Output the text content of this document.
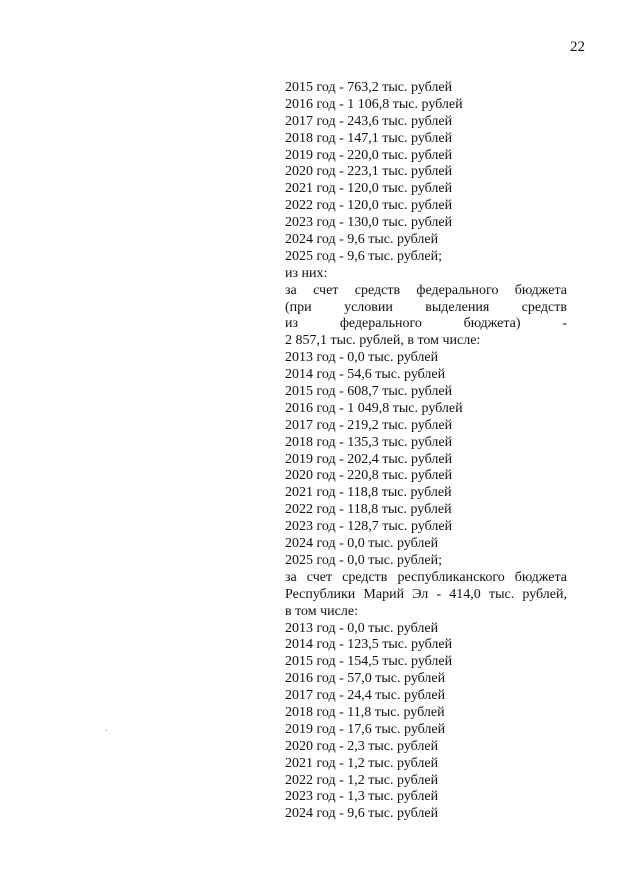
22
2015 год - 763,2 тыс. рублей
2016 год - 1 106,8 тыс. рублей
2017 год - 243,6 тыс. рублей
2018 год - 147,1 тыс. рублей
2019 год - 220,0 тыс. рублей
2020 год - 223,1 тыс. рублей
2021 год - 120,0 тыс. рублей
2022 год - 120,0 тыс. рублей
2023 год - 130,0 тыс. рублей
2024 год - 9,6 тыс. рублей
2025 год - 9,6 тыс. рублей;
из них:
за счет средств федерального бюджета
(при условии выделения средств
из федерального бюджета) -
2 857,1 тыс. рублей, в том числе:
2013 год - 0,0 тыс. рублей
2014 год - 54,6 тыс. рублей
2015 год - 608,7 тыс. рублей
2016 год - 1 049,8 тыс. рублей
2017 год - 219,2 тыс. рублей
2018 год - 135,3 тыс. рублей
2019 год - 202,4 тыс. рублей
2020 год - 220,8 тыс. рублей
2021 год - 118,8 тыс. рублей
2022 год - 118,8 тыс. рублей
2023 год - 128,7 тыс. рублей
2024 год - 0,0 тыс. рублей
2025 год - 0,0 тыс. рублей;
за счет средств республиканского бюджета
Республики Марий Эл - 414,0 тыс. рублей,
в том числе:
2013 год - 0,0 тыс. рублей
2014 год - 123,5 тыс. рублей
2015 год - 154,5 тыс. рублей
2016 год - 57,0 тыс. рублей
2017 год - 24,4 тыс. рублей
2018 год - 11,8 тыс. рублей
2019 год - 17,6 тыс. рублей
2020 год - 2,3 тыс. рублей
2021 год - 1,2 тыс. рублей
2022 год - 1,2 тыс. рублей
2023 год - 1,3 тыс. рублей
2024 год - 9,6 тыс. рублей
